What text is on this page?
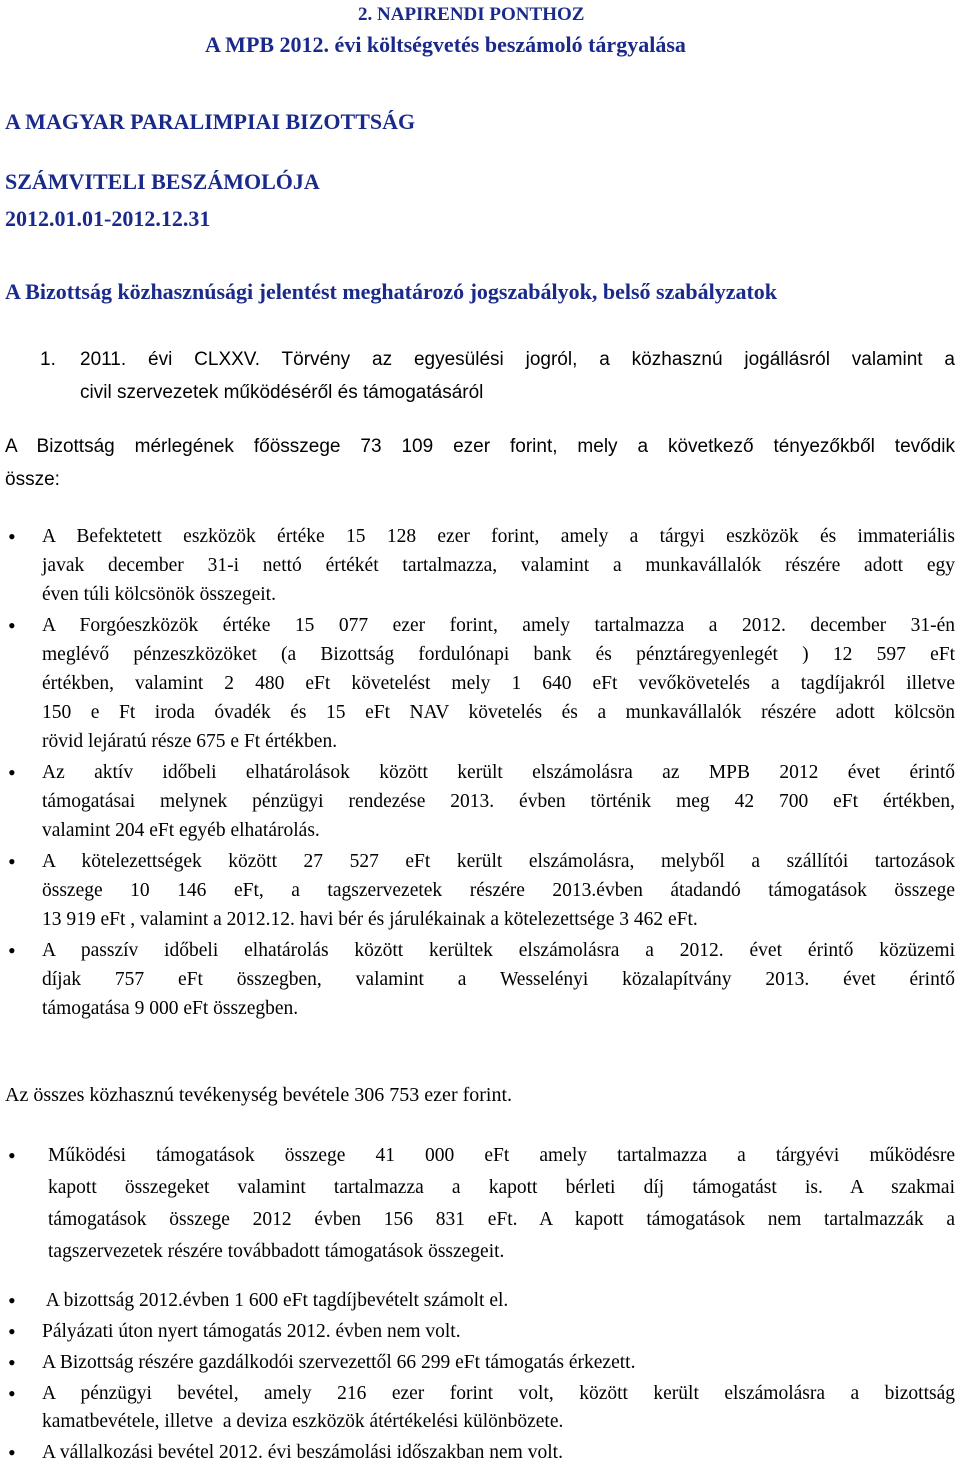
2. NAPIRENDI PONTHOZ
A MPB 2012. évi költségvetés beszámoló tárgyalása
A MAGYAR PARALIMPIAI BIZOTTSÁG
SZÁMVITELI BESZÁMOLÓJA
2012.01.01-2012.12.31
A Bizottság közhasznúsági jelentést meghatározó jogszabályok, belső szabályzatok
1. 2011. évi CLXXV. Törvény az egyesülési jogról, a közhasznú jogállásról valamint a
civil szervezetek működéséről és támogatásáról
A Bizottság mérlegének főösszege 73 109 ezer forint, mely a következő tényezőkből tevődik
össze:
• A Befektetett eszközök értéke 15 128 ezer forint, amely a tárgyi eszközök és immateriális
javak december 31-i nettó értékét tartalmazza, valamint a munkavállalók részére adott egy
éven túli kölcsönök összegeit.
• A Forgóeszközök értéke 15 077 ezer forint, amely tartalmazza a 2012. december 31-én
meglévő pénzeszközöket (a Bizottság fordulónapi bank és pénztáregyenlegét ) 12 597 eFt
értékben, valamint 2 480 eFt követelést mely 1 640 eFt vevőkövetelés a tagdíjakról illetve
150 e Ft iroda óvadék és 15 eFt NAV követelés és a munkavállalók részére adott kölcsön
rövid lejáratú része 675 e Ft értékben.
• Az aktív időbeli elhatárolások között került elszámolásra az MPB 2012 évet érintő
támogatásai melynek pénzügyi rendezése 2013. évben történik meg 42 700 eFt értékben,
valamint 204 eFt egyéb elhatárolás.
• A kötelezettségek között 27 527 eFt került elszámolásra, melyből a szállítói tartozások
összege 10 146 eFt, a tagszervezetek részére 2013.évben átadandó támogatások összege
13 919 eFt , valamint a 2012.12. havi bér és járulékainak a kötelezettsége 3 462 eFt.
• A passzív időbeli elhatárolás között kerültek elszámolásra a 2012. évet érintő közüzemi
díjak 757 eFt összegben, valamint a Wesselényi közalapítvány 2013. évet érintő
támogatása 9 000 eFt összegben.
Az összes közhasznú tevékenység bevétele 306 753 ezer forint.
• Működési támogatások összege 41 000 eFt amely tartalmazza a tárgyévi működésre
kapott összegeket valamint tartalmazza a kapott bérleti díj támogatást is. A szakmai
támogatások összege 2012 évben 156 831 eFt. A kapott támogatások nem tartalmazzák a
tagszervezetek részére továbbadott támogatások összegeit.
• A bizottság 2012.évben 1 600 eFt tagdíjbevételt számolt el.
• Pályázati úton nyert támogatás 2012. évben nem volt.
• A Bizottság részére gazdálkodói szervezettől 66 299 eFt támogatás érkezett.
• A pénzügyi bevétel, amely 216 ezer forint volt, között került elszámolásra a bizottság
kamatbevétele, illetve  a deviza eszközök átértékelési különbözete.
• A vállalkozási bevétel 2012. évi beszámolási időszakban nem volt.
